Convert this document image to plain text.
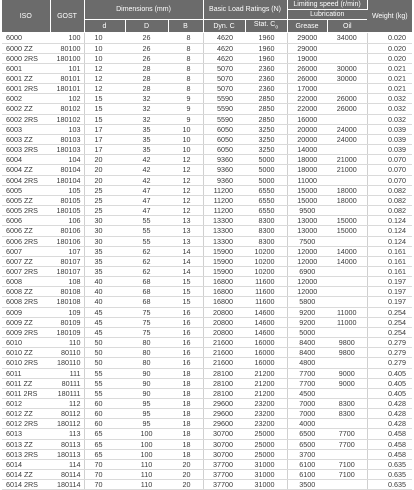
ISO	GOST	Dimensions (mm)			Basic Load Ratings (N)		Limiting speed (r/min)		Weight (kg)
							Lubrication		
		d	D	B	Dyn. C	Stat. $C_o$	Grease	Oil	
6000	100	10	26	8	4620	1960	29000	34000	0.020
6000 ZZ	80100	10	26	8	4620	1960	29000		0.020
6000 2RS	180100	10	26	8	4620	1960	19000		0.020
6001	101	12	28	8	5070	2360	26000	30000	0.021
6001 ZZ	80101	12	28	8	5070	2360	26000	30000	0.021
6001 2RS	180101	12	28	8	5070	2360	17000		0.021
6002	102	15	32	9	5590	2850	22000	26000	0.032
6002 ZZ	80102	15	32	9	5590	2850	22000	26000	0.032
6002 2RS	180102	15	32	9	5590	2850	16000		0.032
6003	103	17	35	10	6050	3250	20000	24000	0.039
6003 ZZ	80103	17	35	10	6050	3250	20000	24000	0.039
6003 2RS	180103	17	35	10	6050	3250	14000		0.039
6004	104	20	42	12	9360	5000	18000	21000	0.070
6004 ZZ	80104	20	42	12	9360	5000	18000	21000	0.070
6004 2RS	180104	20	42	12	9360	5000	11000		0.070
6005	105	25	47	12	11200	6550	15000	18000	0.082
6005 ZZ	80105	25	47	12	11200	6550	15000	18000	0.082
6005 2RS	180105	25	47	12	11200	6550	9500		0.082
6006	106	30	55	13	13300	8300	13000	15000	0.124
6006 ZZ	80106	30	55	13	13300	8300	13000	15000	0.124
6006 2RS	180106	30	55	13	13300	8300	7500		0.124
6007	107	35	62	14	15900	10200	12000	14000	0.161
6007 ZZ	80107	35	62	14	15900	10200	12000	14000	0.161
6007 2RS	180107	35	62	14	15900	10200	6900		0.161
6008	108	40	68	15	16800	11600	12000		0.197
6008 ZZ	80108	40	68	15	16800	11600	12000		0.197
6008 2RS	180108	40	68	15	16800	11600	5800		0.197
6009	109	45	75	16	20800	14600	9200	11000	0.254
6009 ZZ	80109	45	75	16	20800	14600	9200	11000	0.254
6009 2RS	180109	45	75	16	20800	14600	5000		0.254
6010	110	50	80	16	21600	16000	8400	9800	0.279
6010 ZZ	80110	50	80	16	21600	16000	8400	9800	0.279
6010 2RS	180110	50	80	16	21600	16000	4800		0.279
6011	111	55	90	18	28100	21200	7700	9000	0.405
6011 ZZ	80111	55	90	18	28100	21200	7700	9000	0.405
6011 2RS	180111	55	90	18	28100	21200	4500		0.405
6012	112	60	95	18	29600	23200	7000	8300	0.428
6012 ZZ	80112	60	95	18	29600	23200	7000	8300	0.428
6012 2RS	180112	60	95	18	29600	23200	4000		0.428
6013	113	65	100	18	30700	25000	6500	7700	0.458
6013 ZZ	80113	65	100	18	30700	25000	6500	7700	0.458
6013 2RS	180113	65	100	18	30700	25000	3700		0.458
6014	114	70	110	20	37700	31000	6100	7100	0.635
6014 ZZ	80114	70	110	20	37700	31000	6100	7100	0.635
6014 2RS	180114	70	110	20	37700	31000	3500		0.635
